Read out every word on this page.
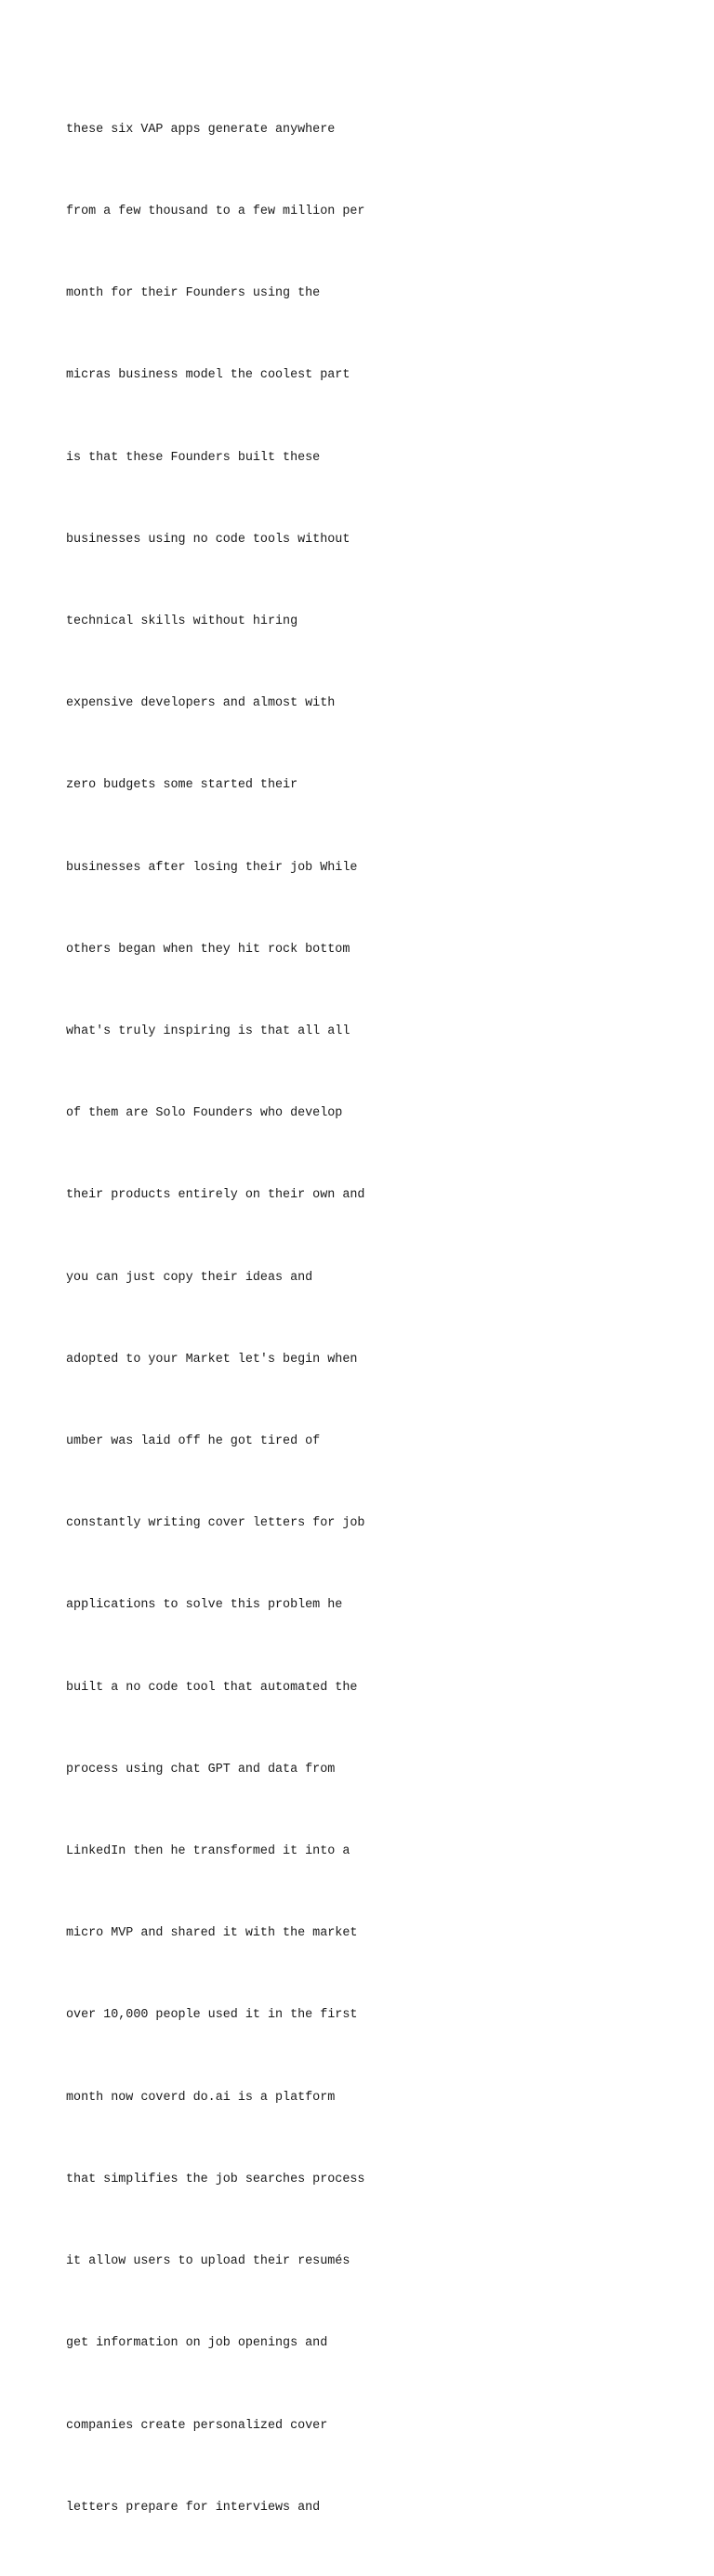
these six VAP apps generate anywhere

from a few thousand to a few million per

month for their Founders using the

micras business model the coolest part

is that these Founders built these

businesses using no code tools without

technical skills without hiring

expensive developers and almost with

zero budgets some started their

businesses after losing their job While

others began when they hit rock bottom

what's truly inspiring is that all all

of them are Solo Founders who develop

their products entirely on their own and

you can just copy their ideas and

adopted to your Market let's begin when

umber was laid off he got tired of

constantly writing cover letters for job

applications to solve this problem he

built a no code tool that automated the

process using chat GPT and data from

LinkedIn then he transformed it into a

micro MVP and shared it with the market

over 10,000 people used it in the first

month now coverd do.ai is a platform

that simplifies the job searches process

it allow users to upload their resumés

get information on job openings and

companies create personalized cover

letters prepare for interviews and
